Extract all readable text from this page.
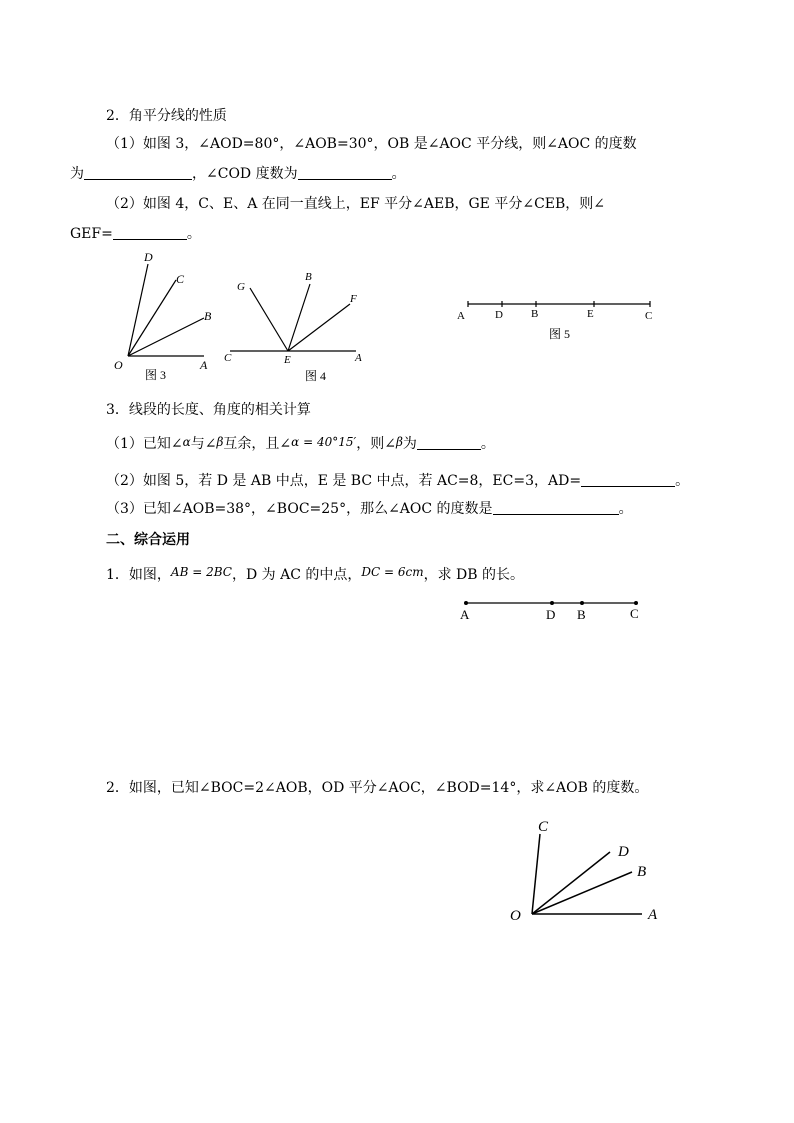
2．角平分线的性质
（1）如图 3，∠AOD=80°，∠AOB=30°，OB 是∠AOC 平分线，则∠AOC 的度数
为	，∠COD 度数为	。
（2）如图 4，C、E、A 在同一直线上，EF 平分∠AEB，GE 平分∠CEB，则∠
GEF=	。
D
C
B
O	A
图 3
G
B
F
C	E	A
图 4
A	D	B	E	C
图 5
3．线段的长度、角度的相关计算
（1）已知∠α与∠β互余，且∠α = 40°15′，则∠β为	。
（2）如图 5，若 D 是 AB 中点，E 是 BC 中点，若 AC=8，EC=3，AD=	。
（3）已知∠AOB=38°，∠BOC=25°，那么∠AOC 的度数是	。
二、综合运用
1．如图，AB = 2BC，D 为 AC 的中点，DC = 6cm，求 DB 的长。
A	D B	C
2．如图，已知∠BOC=2∠AOB，OD 平分∠AOC，∠BOD=14°，求∠AOB 的度数。
C
D
B
O	A
